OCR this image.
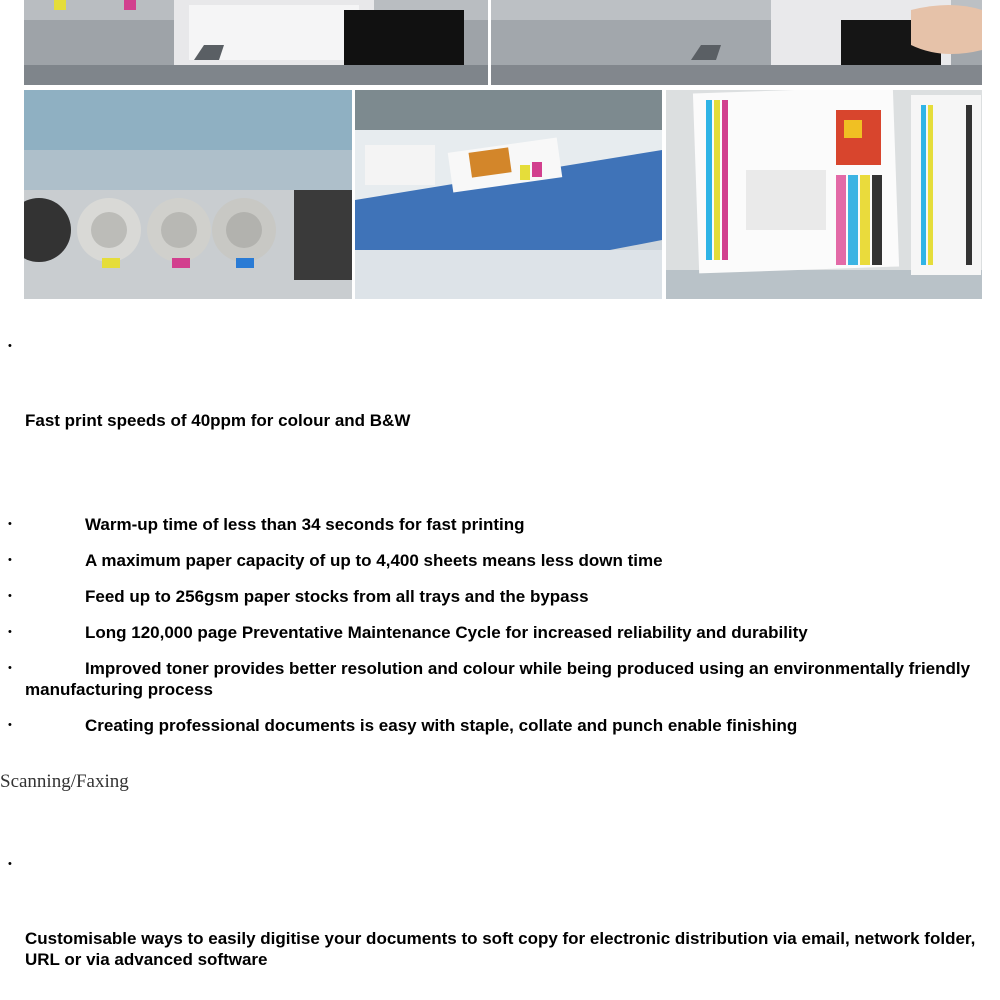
•
Fast print speeds of 40ppm for colour and B&W
•	Warm-up time of less than 34 seconds for fast printing
•	A maximum paper capacity of up to 4,400 sheets means less down time
•	Feed up to 256gsm paper stocks from all trays and the bypass
•	Long 120,000 page Preventative Maintenance Cycle for increased reliability and durability
•	Improved toner provides better resolution and colour while being produced using an environmentally friendly manufacturing process
•	Creating professional documents is easy with staple, collate and punch enable finishing
Scanning/Faxing
•
Customisable ways to easily digitise your documents to soft copy for electronic distribution via email, network folder, URL or via advanced software
